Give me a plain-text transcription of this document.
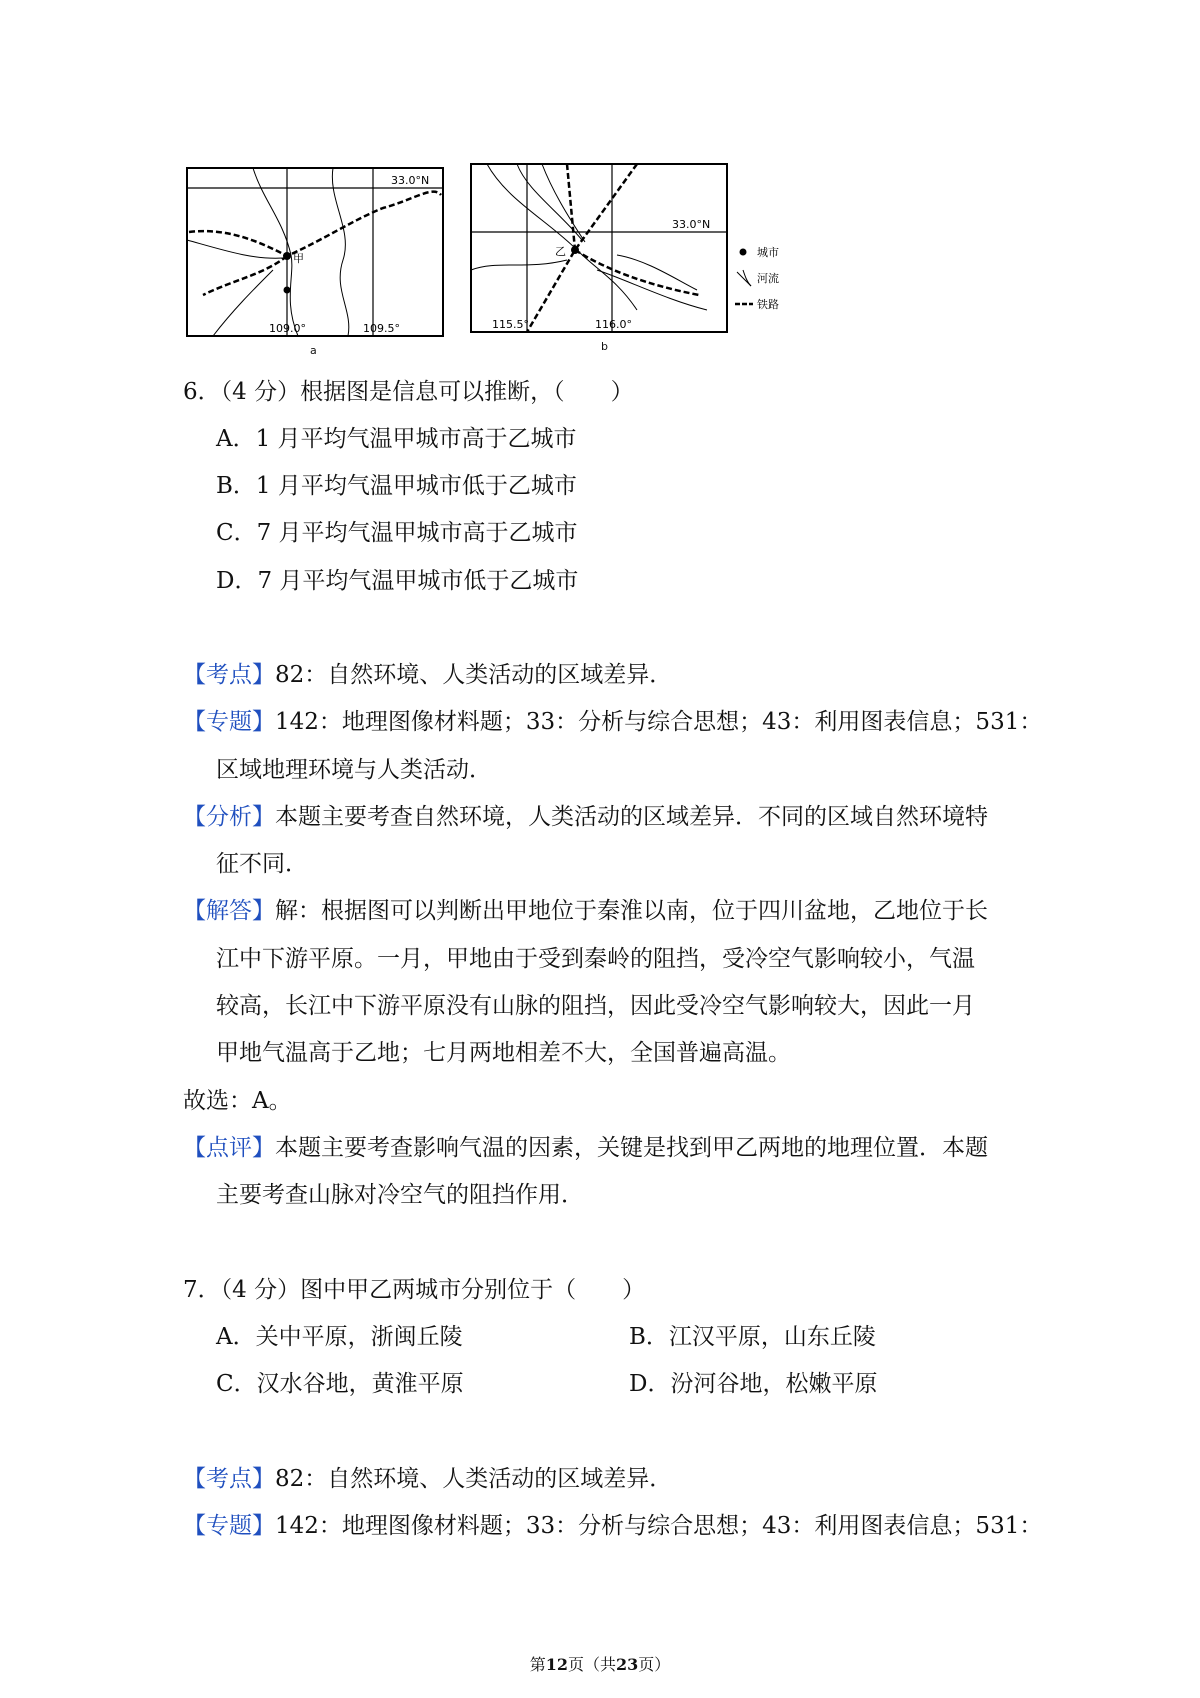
甲
33.0°N
109.0°	109.5°
a
乙
33.0°N
115.5°	116.0°
b
城市
河流
铁路
6．（4 分）根据图是信息可以推断，（　　）
A．1 月平均气温甲城市高于乙城市
B．1 月平均气温甲城市低于乙城市
C．7 月平均气温甲城市高于乙城市
D．7 月平均气温甲城市低于乙城市
【考点】82：自然环境、人类活动的区域差异．
【专题】142：地理图像材料题；33：分析与综合思想；43：利用图表信息；531：
区域地理环境与人类活动．
【分析】本题主要考查自然环境，人类活动的区域差异．不同的区域自然环境特
征不同．
【解答】解：根据图可以判断出甲地位于秦淮以南，位于四川盆地，乙地位于长
江中下游平原。一月，甲地由于受到秦岭的阻挡，受冷空气影响较小，气温
较高，长江中下游平原没有山脉的阻挡，因此受冷空气影响较大，因此一月
甲地气温高于乙地；七月两地相差不大，全国普遍高温。
故选：A。
【点评】本题主要考查影响气温的因素，关键是找到甲乙两地的地理位置．本题
主要考查山脉对冷空气的阻挡作用．
7．（4 分）图中甲乙两城市分别位于（　　）
A．关中平原，浙闽丘陵	B．江汉平原，山东丘陵
C．汉水谷地，黄淮平原	D．汾河谷地，松嫩平原
【考点】82：自然环境、人类活动的区域差异．
【专题】142：地理图像材料题；33：分析与综合思想；43：利用图表信息；531：
第12页（共23页）
